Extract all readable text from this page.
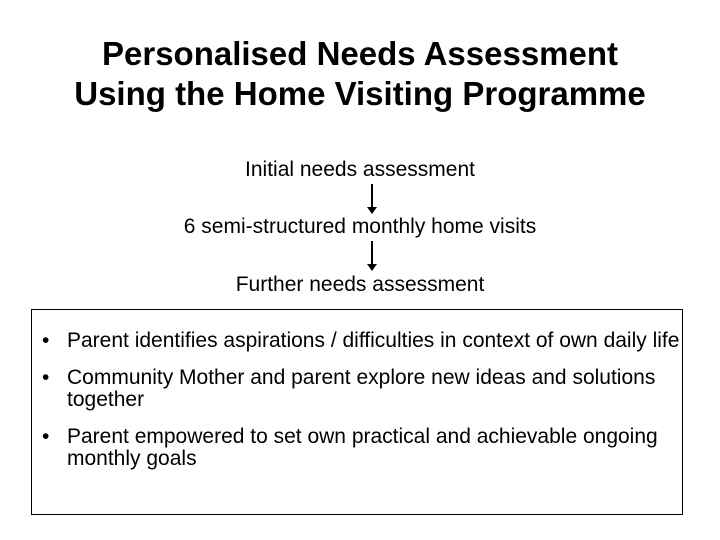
Personalised Needs Assessment
Using the Home Visiting Programme
Initial needs assessment
6 semi-structured monthly home visits
Further needs assessment
• Parent identifies aspirations / difficulties in context of own daily life
• Community Mother and parent explore new ideas and solutions together
• Parent empowered to set own practical and achievable ongoing monthly goals
